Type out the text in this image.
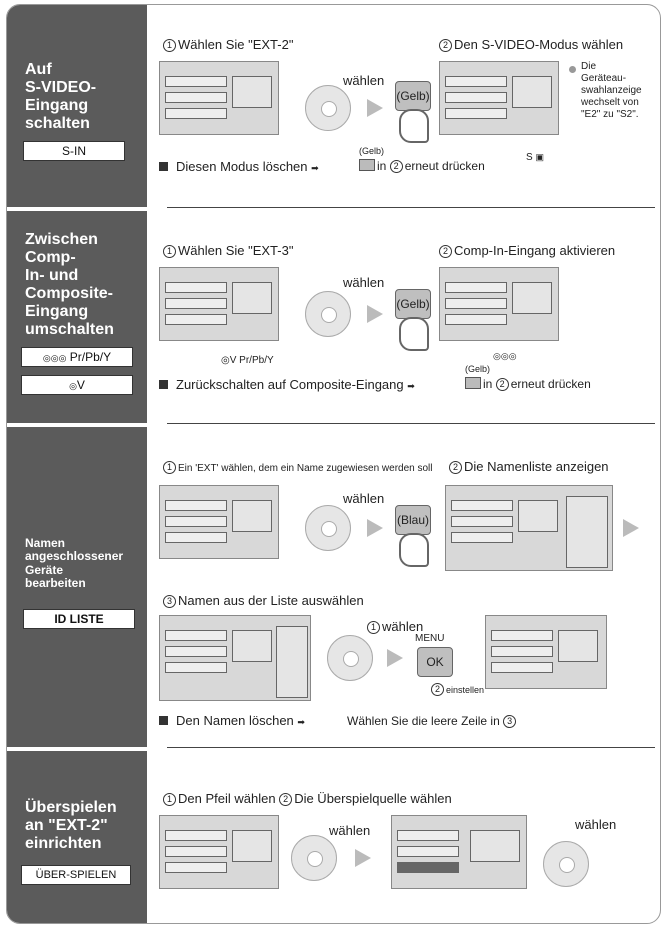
Auf
S-VIDEO-
Eingang
schalten
S-IN
Zwischen
Comp-
In- und
Composite-
Eingang
umschalten
◎◎◎ Pr/Pb/Y
◎V
Namen
angeschlossener
Geräte
bearbeiten
ID LISTE
Überspielen
an "EXT-2"
einrichten
ÜBER-SPIELEN
1 Wählen Sie "EXT-2"	2 Den S-VIDEO-Modus wählen
wählen
(Gelb)
Die
Geräteau-
swahlanzeige
wechselt von
"E2" zu "S2".
S ▣
Diesen Modus löschen ➡
(Gelb)
in 2 erneut drücken
1 Wählen Sie "EXT-3"	2 Comp-In-Eingang aktivieren
wählen
(Gelb)
◎V Pr/Pb/Y	◎◎◎
Zurückschalten auf Composite-Eingang ➡
(Gelb)
in 2 erneut drücken
1 Ein 'EXT' wählen, dem ein Name zugewiesen werden soll	2 Die Namenliste anzeigen
wählen
(Blau)
3 Namen aus der Liste auswählen
1 wählen
MENU
OK
2 einstellen
Den Namen löschen ➡	Wählen Sie die leere Zeile in 3
1 Den Pfeil wählen 2 Die Überspielquelle wählen
wählen	wählen
